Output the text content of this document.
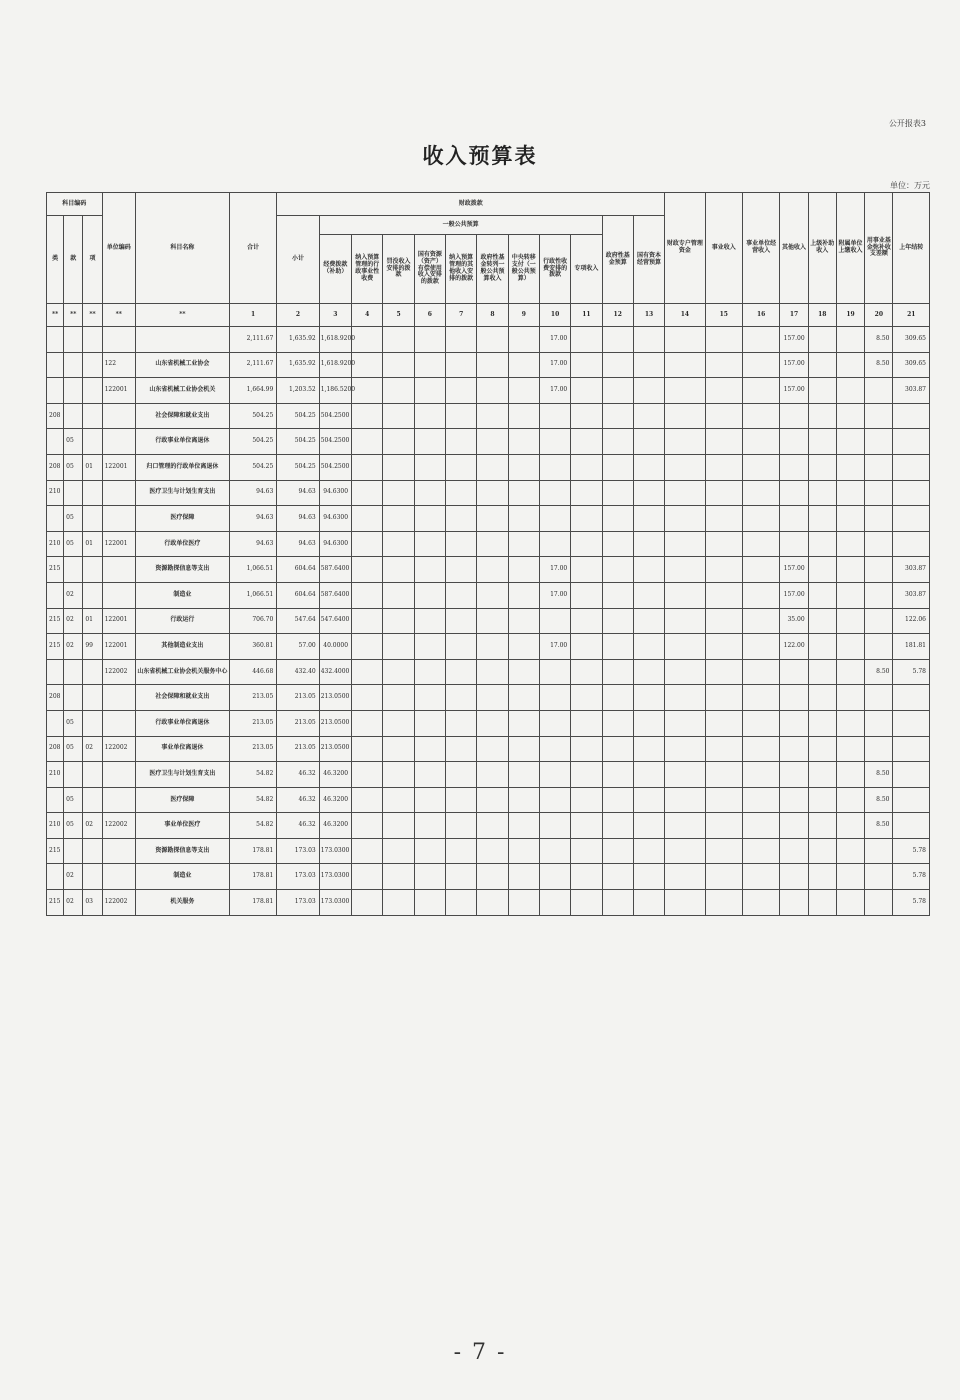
公开报表3
收入预算表
单位：万元
科目编码			单位编码	科目名称	合计	财政拨款												财政专户管理资金	事业收入	事业单位经营收入	其他收入	上级补助收入	附属单位上缴收入	用事业基金弥补收支差额	上年结转
类	款	项				小计	一般公共预算									政府性基金预算	国有资本经营预算								
							经费拨款（补助）	纳入预算管理的行政事业性收费	罚没收入安排的拨款	国有资源（资产）有偿使用收入安排的拨款	纳入预算管理的其他收入安排的拨款	政府性基金转列一般公共预算收入	中央转移支付（一般公共预算）	行政性收费安排的拨款	专项收入										
**	**	**	**	**	1	2	3	4	5	6	7	8	9	10	11	12	13	14	15	16	17	18	19	20	21
					2,111.67	1,635.92	1,618.9200							17.00							157.00			8.50	309.65
			122	山东省机械工业协会	2,111.67	1,635.92	1,618.9200							17.00							157.00			8.50	309.65
			122001	山东省机械工业协会机关	1,664.99	1,203.52	1,186.5200							17.00							157.00				303.87
208				社会保障和就业支出	504.25	504.25	504.2500																		
	05			行政事业单位离退休	504.25	504.25	504.2500																		
208	05	01	122001	归口管理的行政单位离退休	504.25	504.25	504.2500																		
210				医疗卫生与计划生育支出	94.63	94.63	94.6300																		
	05			医疗保障	94.63	94.63	94.6300																		
210	05	01	122001	行政单位医疗	94.63	94.63	94.6300																		
215				资源勘探信息等支出	1,066.51	604.64	587.6400							17.00							157.00				303.87
	02			制造业	1,066.51	604.64	587.6400							17.00							157.00				303.87
215	02	01	122001	行政运行	706.70	547.64	547.6400														35.00				122.06
215	02	99	122001	其他制造业支出	360.81	57.00	40.0000							17.00							122.00				181.81
			122002	山东省机械工业协会机关服务中心	446.68	432.40	432.4000																	8.50	5.78
208				社会保障和就业支出	213.05	213.05	213.0500																		
	05			行政事业单位离退休	213.05	213.05	213.0500																		
208	05	02	122002	事业单位离退休	213.05	213.05	213.0500																		
210				医疗卫生与计划生育支出	54.82	46.32	46.3200																	8.50	
	05			医疗保障	54.82	46.32	46.3200																	8.50	
210	05	02	122002	事业单位医疗	54.82	46.32	46.3200																	8.50	
215				资源勘探信息等支出	178.81	173.03	173.0300																		5.78
	02			制造业	178.81	173.03	173.0300																		5.78
215	02	03	122002	机关服务	178.81	173.03	173.0300																		5.78
- 7 -
